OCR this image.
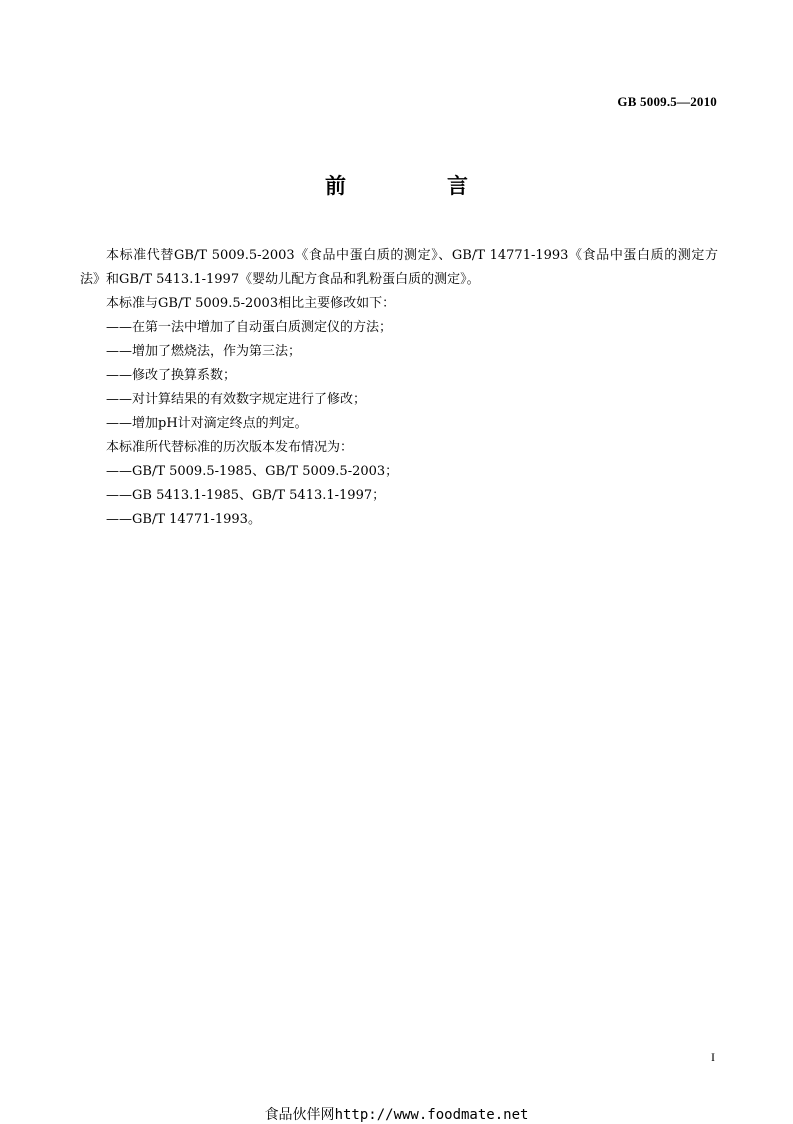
GB 5009.5—2010
前　言

本标准代替GB/T 5009.5-2003《食品中蛋白质的测定》、GB/T 14771-1993《食品中蛋白质的测定方法》和GB/T 5413.1-1997《婴幼儿配方食品和乳粉蛋白质的测定》。

本标准与GB/T 5009.5-2003相比主要修改如下：

——在第一法中增加了自动蛋白质测定仪的方法；

——增加了燃烧法，作为第三法；

——修改了换算系数；

——对计算结果的有效数字规定进行了修改；

——增加pH计对滴定终点的判定。

本标准所代替标准的历次版本发布情况为：

——GB/T 5009.5-1985、GB/T 5009.5-2003；

——GB 5413.1-1985、GB/T 5413.1-1997；

——GB/T 14771-1993。

I
食品伙伴网http://www.foodmate.net
